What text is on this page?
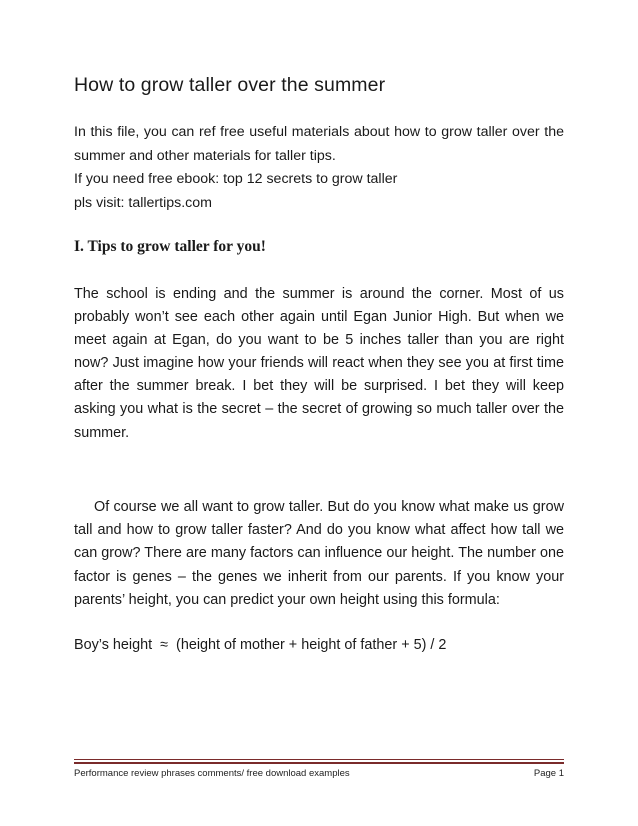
How to grow taller over the summer

In this file, you can ref free useful materials about how to grow taller over the summer and other materials for taller tips.

If you need free ebook: top 12 secrets to grow taller

pls visit: tallertips.com

I. Tips to grow taller for you!

The school is ending and the summer is around the corner. Most of us probably won’t see each other again until Egan Junior High. But when we meet again at Egan, do you want to be 5 inches taller than you are right now? Just imagine how your friends will react when they see you at first time after the summer break. I bet they will be surprised. I bet they will keep asking you what is the secret – the secret of growing so much taller over the summer.

Of course we all want to grow taller. But do you know what make us grow tall and how to grow taller faster? And do you know what affect how tall we can grow? There are many factors can influence our height. The number one factor is genes – the genes we inherit from our parents. If you know your parents’ height, you can predict your own height using this formula:

Boy’s height  ≈  (height of mother + height of father + 5) / 2

Performance review phrases comments/ free download examples	Page 1
